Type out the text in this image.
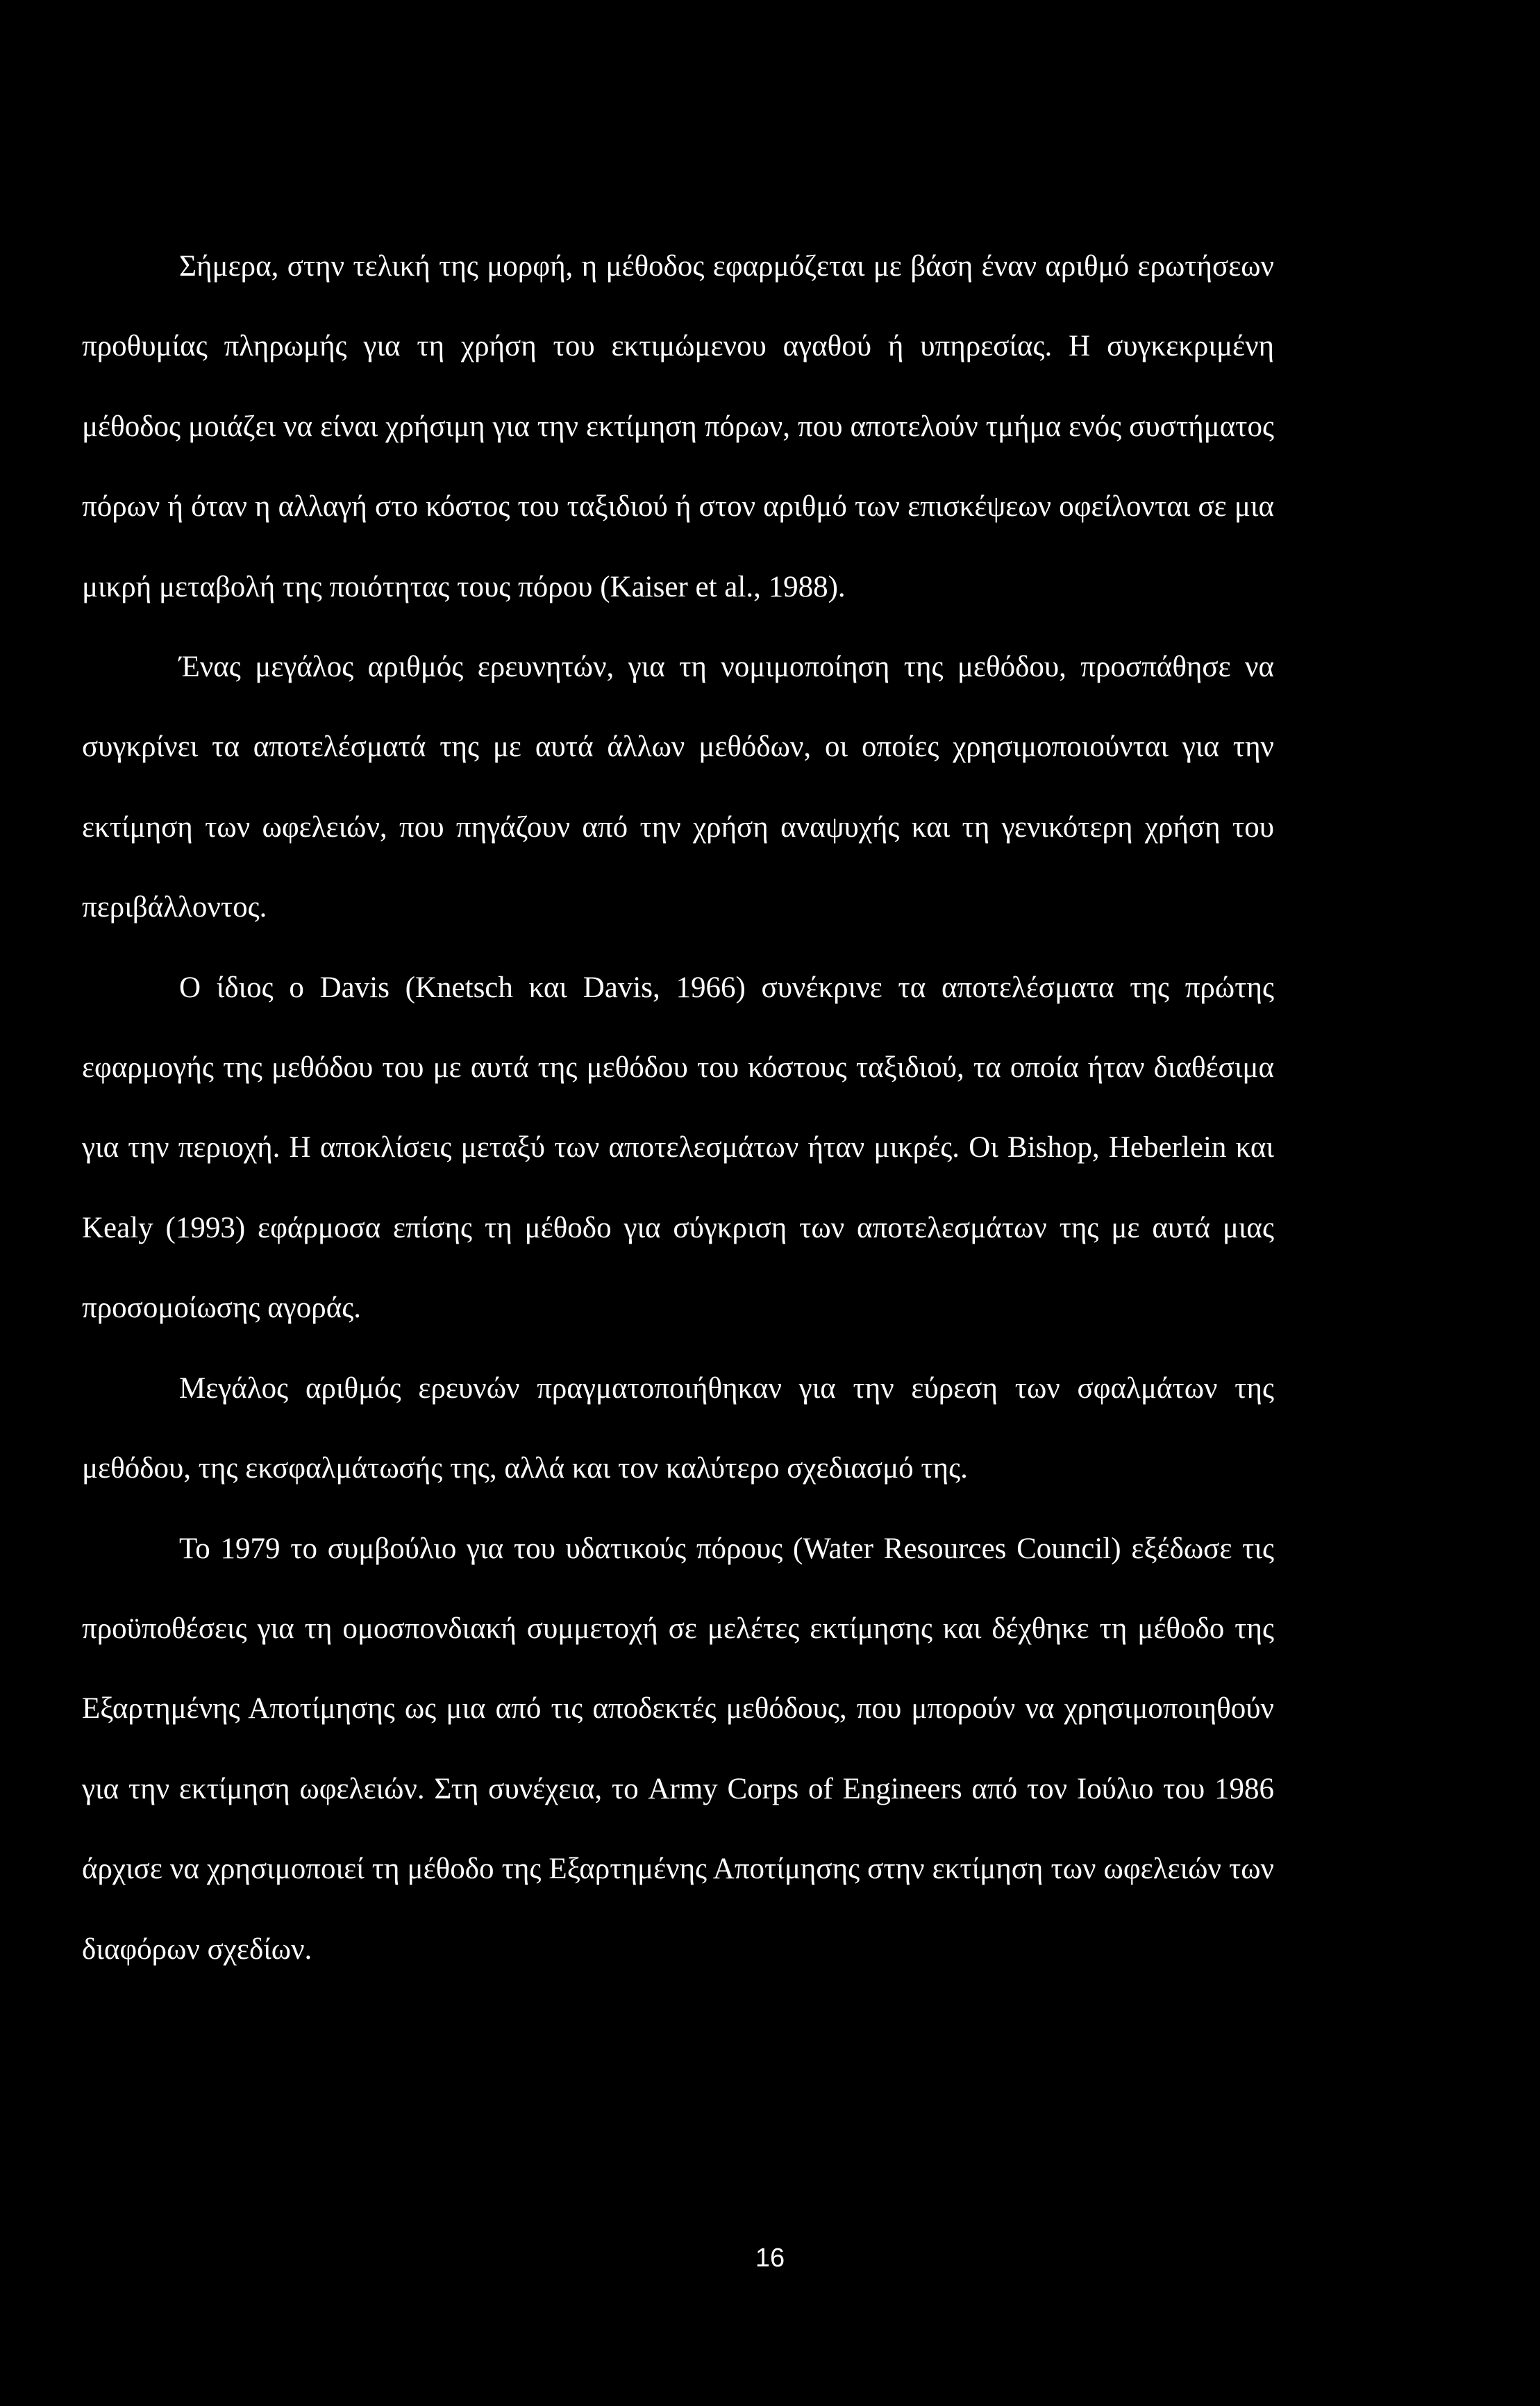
Σήμερα, στην τελική της μορφή, η μέθοδος εφαρμόζεται με βάση έναν αριθμό ερωτήσεων προθυμίας πληρωμής για τη χρήση του εκτιμώμενου αγαθού ή υπηρεσίας. Η συγκεκριμένη μέθοδος μοιάζει να είναι χρήσιμη για την εκτίμηση πόρων, που αποτελούν τμήμα ενός συστήματος πόρων ή όταν η αλλαγή στο κόστος του ταξιδιού ή στον αριθμό των επισκέψεων οφείλονται σε μια μικρή μεταβολή της ποιότητας τους πόρου (Kaiser et al., 1988).

Ένας μεγάλος αριθμός ερευνητών, για τη νομιμοποίηση της μεθόδου, προσπάθησε να συγκρίνει τα αποτελέσματά της με αυτά άλλων μεθόδων, οι οποίες χρησιμοποιούνται για την εκτίμηση των ωφελειών, που πηγάζουν από την χρήση αναψυχής και τη γενικότερη χρήση του περιβάλλοντος.

Ο ίδιος ο Davis (Knetsch και Davis, 1966) συνέκρινε τα αποτελέσματα της πρώτης εφαρμογής της μεθόδου του με αυτά της μεθόδου του κόστους ταξιδιού, τα οποία ήταν διαθέσιμα για την περιοχή. Η αποκλίσεις μεταξύ των αποτελεσμάτων ήταν μικρές. Οι Bishop, Heberlein και Kealy (1993) εφάρμοσα επίσης τη μέθοδο για σύγκριση των αποτελεσμάτων της με αυτά μιας προσομοίωσης αγοράς.

Μεγάλος αριθμός ερευνών πραγματοποιήθηκαν για την εύρεση των σφαλμάτων της μεθόδου, της εκσφαλμάτωσής της, αλλά και τον καλύτερο σχεδιασμό της.

Το 1979 το συμβούλιο για του υδατικούς πόρους (Water Resources Council) εξέδωσε τις προϋποθέσεις για τη ομοσπονδιακή συμμετοχή σε μελέτες εκτίμησης και δέχθηκε τη μέθοδο της Εξαρτημένης Αποτίμησης ως μια από τις αποδεκτές μεθόδους, που μπορούν να χρησιμοποιηθούν για την εκτίμηση ωφελειών. Στη συνέχεια, το Army Corps of Engineers από τον Ιούλιο του 1986 άρχισε να χρησιμοποιεί τη μέθοδο της Εξαρτημένης Αποτίμησης στην εκτίμηση των ωφελειών των διαφόρων σχεδίων.

16
